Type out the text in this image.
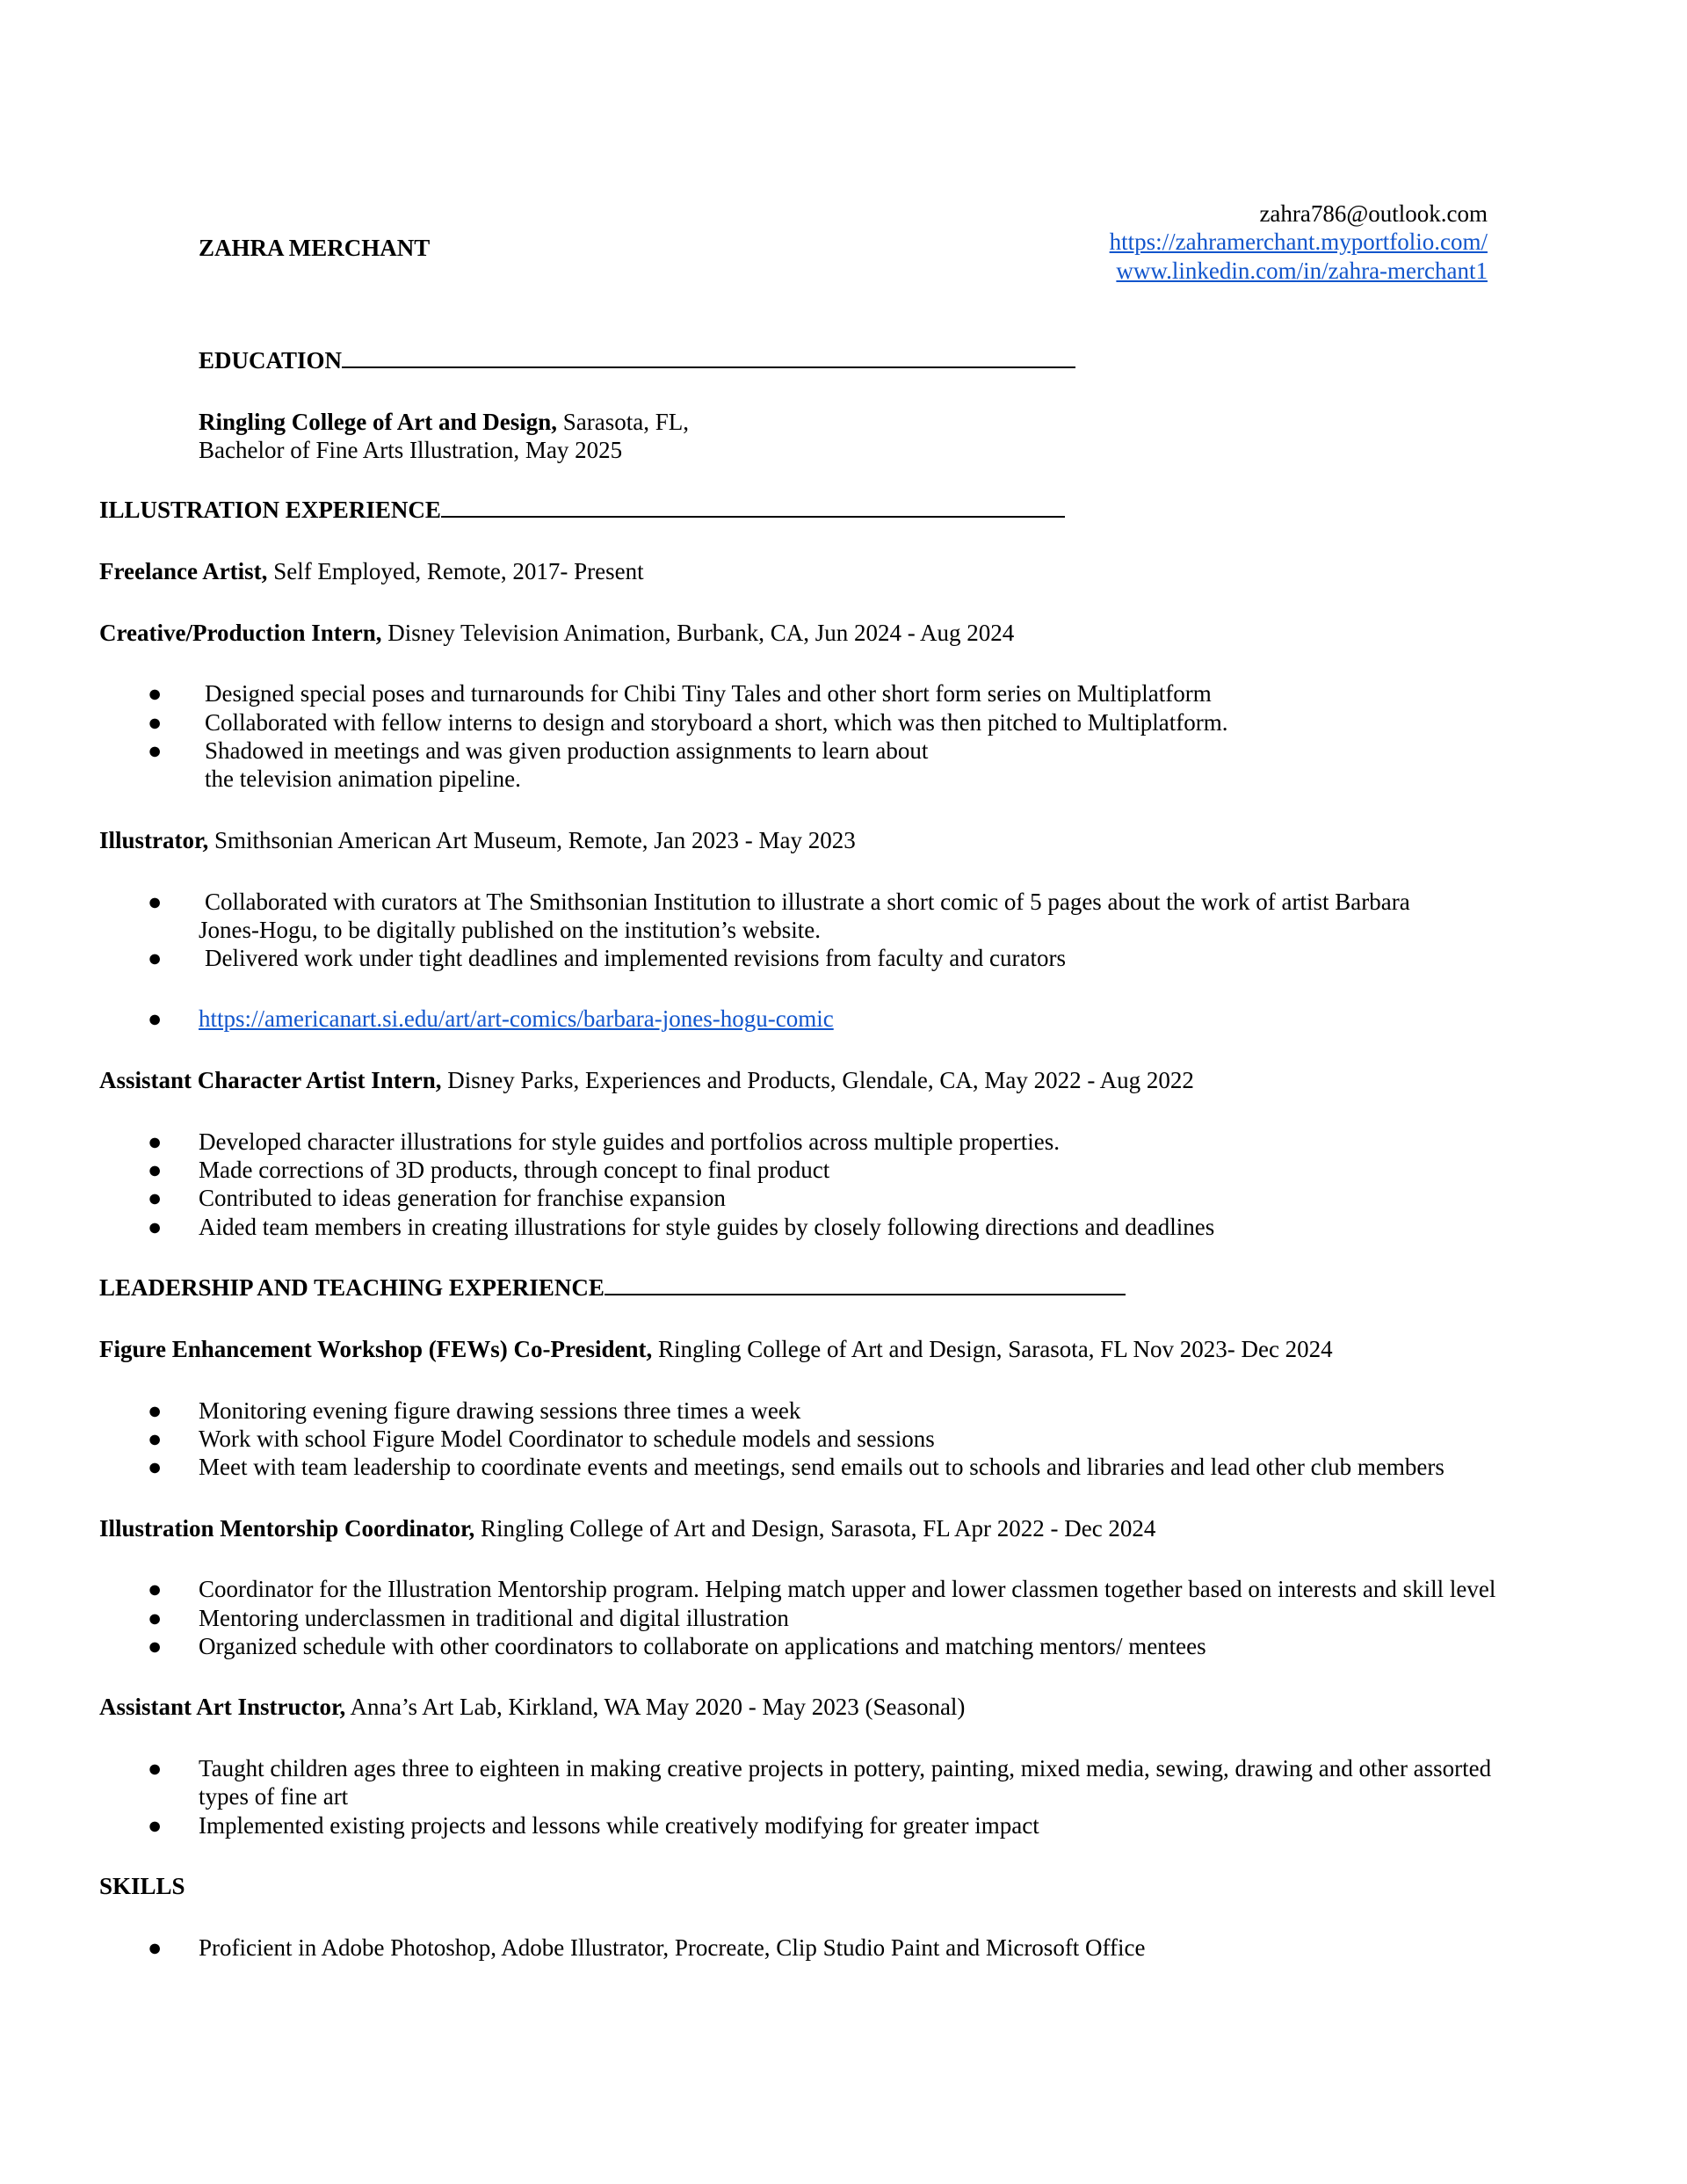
ZAHRA MERCHANT
zahra786@outlook.com
https://zahramerchant.myportfolio.com/
www.linkedin.com/in/zahra-merchant1
EDUCATION
Ringling College of Art and Design, Sarasota, FL,
Bachelor of Fine Arts Illustration, May 2025
ILLUSTRATION EXPERIENCE
Freelance Artist, Self Employed, Remote, 2017- Present
Creative/Production Intern, Disney Television Animation, Burbank, CA, Jun 2024 - Aug 2024
● Designed special poses and turnarounds for Chibi Tiny Tales and other short form series on Multiplatform
● Collaborated with fellow interns to design and storyboard a short, which was then pitched to Multiplatform.
● Shadowed in meetings and was given production assignments to learn about
the television animation pipeline.
Illustrator, Smithsonian American Art Museum, Remote, Jan 2023 - May 2023
● Collaborated with curators at The Smithsonian Institution to illustrate a short comic of 5 pages about the work of artist Barbara
Jones-Hogu, to be digitally published on the institution’s website.
● Delivered work under tight deadlines and implemented revisions from faculty and curators
● https://americanart.si.edu/art/art-comics/barbara-jones-hogu-comic
Assistant Character Artist Intern, Disney Parks, Experiences and Products, Glendale, CA, May 2022 - Aug 2022
● Developed character illustrations for style guides and portfolios across multiple properties.
● Made corrections of 3D products, through concept to final product
● Contributed to ideas generation for franchise expansion
● Aided team members in creating illustrations for style guides by closely following directions and deadlines
LEADERSHIP AND TEACHING EXPERIENCE
Figure Enhancement Workshop (FEWs) Co-President, Ringling College of Art and Design, Sarasota, FL Nov 2023- Dec 2024
● Monitoring evening figure drawing sessions three times a week
● Work with school Figure Model Coordinator to schedule models and sessions
● Meet with team leadership to coordinate events and meetings, send emails out to schools and libraries and lead other club members
Illustration Mentorship Coordinator, Ringling College of Art and Design, Sarasota, FL Apr 2022 - Dec 2024
● Coordinator for the Illustration Mentorship program. Helping match upper and lower classmen together based on interests and skill level
● Mentoring underclassmen in traditional and digital illustration
● Organized schedule with other coordinators to collaborate on applications and matching mentors/ mentees
Assistant Art Instructor, Anna’s Art Lab, Kirkland, WA May 2020 - May 2023 (Seasonal)
● Taught children ages three to eighteen in making creative projects in pottery, painting, mixed media, sewing, drawing and other assorted
types of fine art
● Implemented existing projects and lessons while creatively modifying for greater impact
SKILLS
● Proficient in Adobe Photoshop, Adobe Illustrator, Procreate, Clip Studio Paint and Microsoft Office
